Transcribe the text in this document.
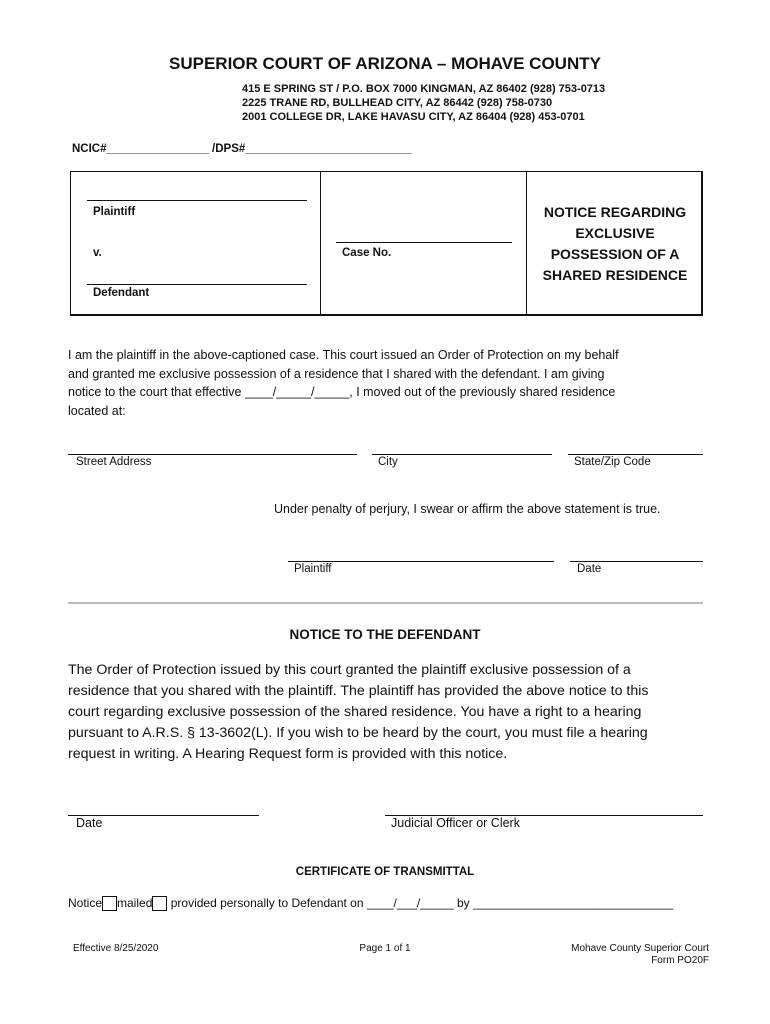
SUPERIOR COURT OF ARIZONA – MOHAVE COUNTY
415 E SPRING ST / P.O. BOX 7000 KINGMAN, AZ 86402 (928) 753-0713
2225 TRANE RD, BULLHEAD CITY, AZ 86442 (928) 758-0730
2001 COLLEGE DR, LAKE HAVASU CITY, AZ 86404 (928) 453-0701
NCIC#________________ /DPS#__________________________
Plaintiff
v.
Defendant
Case No.
NOTICE REGARDING
EXCLUSIVE
POSSESSION OF A
SHARED RESIDENCE
I am the plaintiff in the above-captioned case. This court issued an Order of Protection on my behalf
and granted me exclusive possession of a residence that I shared with the defendant. I am giving
notice to the court that effective ____/_____/_____, I moved out of the previously shared residence
located at:
Street Address	City	State/Zip Code
Under penalty of perjury, I swear or affirm the above statement is true.
Plaintiff	Date
NOTICE TO THE DEFENDANT
The Order of Protection issued by this court granted the plaintiff exclusive possession of a
residence that you shared with the plaintiff. The plaintiff has provided the above notice to this
court regarding exclusive possession of the shared residence. You have a right to a hearing
pursuant to A.R.S. § 13-3602(L). If you wish to be heard by the court, you must file a hearing
request in writing. A Hearing Request form is provided with this notice.
Date	Judicial Officer or Clerk
CERTIFICATE OF TRANSMITTAL
Notice mailed provided personally to Defendant on ____/___/_____ by ______________________________
Effective 8/25/2020	Page 1 of 1	Mohave County Superior Court
Form PO20F
